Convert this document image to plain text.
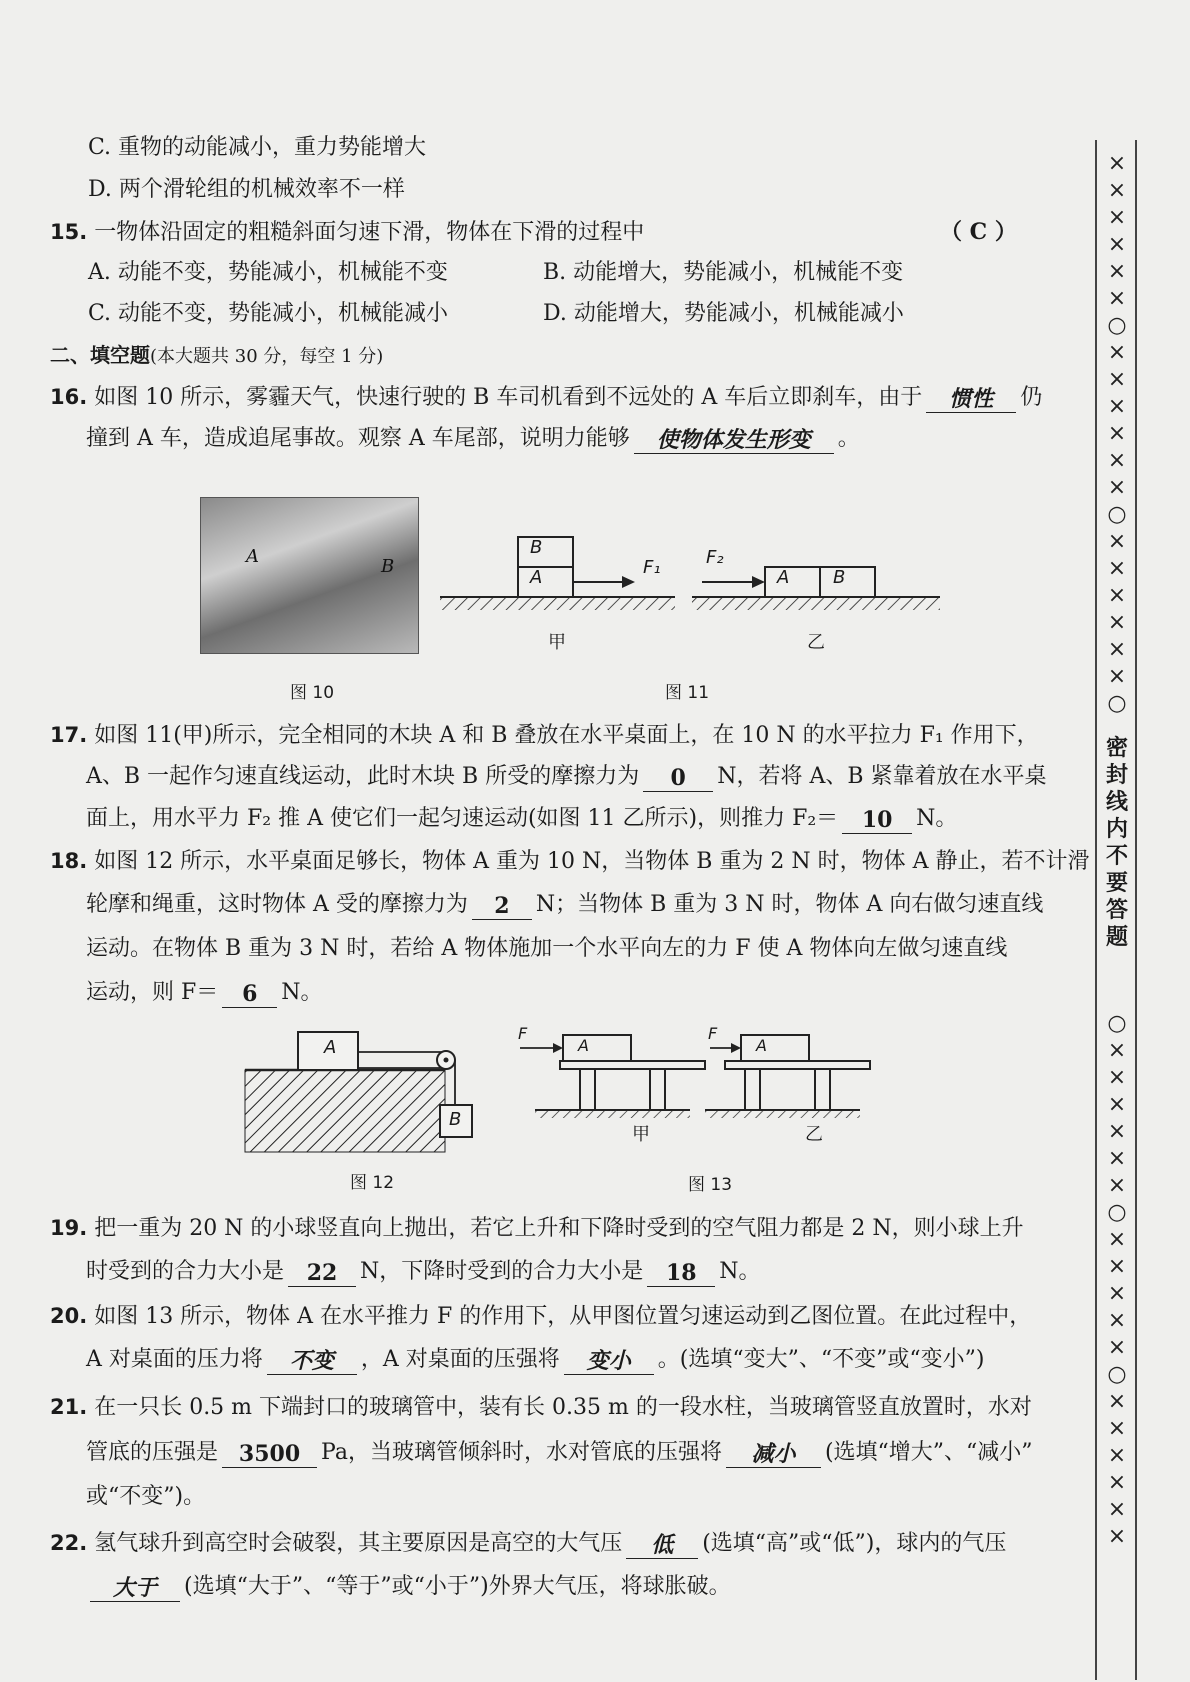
C. 重物的动能减小，重力势能增大
D. 两个滑轮组的机械效率不一样
15. 一物体沿固定的粗糙斜面匀速下滑，物体在下滑的过程中	（ C ）
A. 动能不变，势能减小，机械能不变	B. 动能增大，势能减小，机械能不变
C. 动能不变，势能减小，机械能减小	D. 动能增大，势能减小，机械能减小
二、填空题(本大题共 30 分，每空 1 分)
16. 如图 10 所示，雾霾天气，快速行驶的 B 车司机看到不远处的 A 车后立即刹车，由于 惯性 仍
撞到 A 车，造成追尾事故。观察 A 车尾部，说明力能够 使物体发生形变 。
A	B
图 10
B
A	F₁	A B
F₂
甲	乙
图 11
17. 如图 11(甲)所示，完全相同的木块 A 和 B 叠放在水平桌面上，在 10 N 的水平拉力 F₁ 作用下，
A、B 一起作匀速直线运动，此时木块 B 所受的摩擦力为 0 N，若将 A、B 紧靠着放在水平桌
面上，用水平力 F₂ 推 A 使它们一起匀速运动(如图 11 乙所示)，则推力 F₂＝ 10 N。
18. 如图 12 所示，水平桌面足够长，物体 A 重为 10 N，当物体 B 重为 2 N 时，物体 A 静止，若不计滑
轮摩和绳重，这时物体 A 受的摩擦力为 2 N；当物体 B 重为 3 N 时，物体 A 向右做匀速直线
运动。在物体 B 重为 3 N 时，若给 A 物体施加一个水平向左的力 F 使 A 物体向左做匀速直线
运动，则 F＝ 6 N。
A
B
图 12
F
A
F
A
甲	乙
图 13
19. 把一重为 20 N 的小球竖直向上抛出，若它上升和下降时受到的空气阻力都是 2 N，则小球上升
时受到的合力大小是 22 N，下降时受到的合力大小是 18 N。
20. 如图 13 所示，物体 A 在水平推力 F 的作用下，从甲图位置匀速运动到乙图位置。在此过程中，
A 对桌面的压力将 不变 ，A 对桌面的压强将 变小 。(选填“变大”、“不变”或“变小”)
21. 在一只长 0.5 m 下端封口的玻璃管中，装有长 0.35 m 的一段水柱，当玻璃管竖直放置时，水对
管底的压强是 3500 Pa，当玻璃管倾斜时，水对管底的压强将 减小 (选填“增大”、“减小”
或“不变”)。
22. 氢气球升到高空时会破裂，其主要原因是高空的大气压 低 (选填“高”或“低”)，球内的气压
大于 (选填“大于”、“等于”或“小于”)外界大气压，将球胀破。
×
×
×
×
×
×
○
×
×
×
×
×
×
○
×
×
×
×
×
×
○
密
封
线
内
不
要
答
题
○
×
×
×
×
×
×
○
×
×
×
×
×
○
×
×
×
×
×
×
